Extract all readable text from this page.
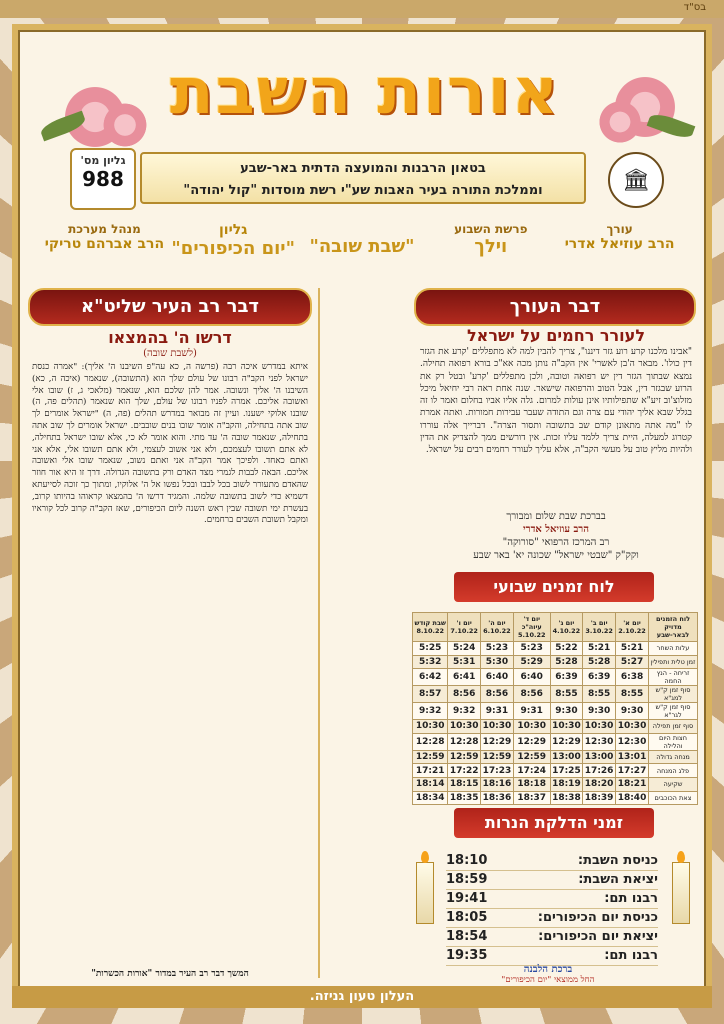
בס"ד
אורות השבת
גליון מס'
988	🏛
בטאון הרבנות והמועצה הדתית באר-שבע
וממלכת התורה בעיר האבות שע"י רשת מוסדות "קול יהודה"
עורך
הרב עוזיאל אדרי
פרשת השבוע
וילך

"שבת שובה"
גליון
"יום הכיפורים"
מנהל מערכת
הרב אברהם טריקי
דבר העורך
דבר רב העיר שליט"א
לעורר רחמים על ישראל
"אבינו מלכנו קרע רוע גזר דיננו", צריך להבין למה לא מתפללים 'קרע את הגזר דין כולו'. מבאר ה'בן לאשרי' אין הקב"ה נותן מכה אא"כ בורא רפואה תחילה. נמצא שבתוך הגזר דין יש רפואה וטובה, ולכן מתפללים 'קרע' ובטל רק את הרוע שבגזר דין, אבל הטוב והרפואה שישאר. שנה אחת ראה רבי יחיאל מיכל מזלוצ'וב זיע"א שתפילותיו אינן עולות למרום. גלה אליו אביו בחלום ואמר לו זה בגלל שבא אליך יהודי עם צרה וגם התודה שעבר עבירות חמורות. ואתה אמרת לו "מה אתה מתאונן קודם שב בתשובה ותסור הצרה". דברייך אלה עוררו קטרוג למעלה, היית צריך ללמד עליו זכות. אין דורשים ממך להצדיק את הדין ולהיות מליץ טוב על מעשי הקב"ה, אלא עליך לעורר רחמים רבים על ישראל.
בברכת שבת שלום ומבורך
הרב עוזיאל אדרי
רב המרכז הרפואי "סורוקה"
וקק"ק "שבטי ישראל" שכונה יא' באר שבע
דרשו ה' בהמצאו
(לשבת שובה)
איתא במדרש איכה רבה (פרשה ה, כא עה"פ השיבנו ה' אליך): "אמרה כנסת ישראל לפני הקב"ה רבונו של עולם שלך הוא (התשובה), שנאמר (איכה ה, כא) השיבנו ה' אליך ונשובה. אמר להן שלכם הוא, שנאמר (מלאכי ג, ז) שובו אלי ואשובה אליכם. אמרה לפניו רבונו של עולם, שלך הוא שנאמר (תהלים פה, ה) שובנו אלוקי ישענו. ועיין זה מבואר במדרש תהלים (פה, ה) "ישראל אומרים לך שוב אתה בתחילה, והקב"ה אומר שובו בנים שובבים. ישראל אומרים לך שוב אתה בתחילה, שנאמר שובה ה' עד מתי. והוא אומר לא כי, אלא שובו ישראל בתחילה, לא אתם תשובו לעצמכם, ולא אני אשוב לעצמי, ולא אתם תשובו אלי, אלא אני ואתם כאחד. ולפיכך אמר הקב"ה אני ואתם נשוב, שנאמר שובו אלי ואשובה אליכם. הבאה לבבות לגמרי מצד האדם ורק בתשובה הגדולה. דרך זו היא אור חוזר שהאדם מתעורר לשוב בכל לבבו ובכל נפשו אל ה' אלוקיו, ומתוך כך זוכה לסייעתא דשמיא כדי לשוב בתשובה שלמה. והמגיד דרשו ה' בהמצאו קראוהו בהיותו קרוב, בעשרת ימי תשובה שבין ראש השנה ליום הכיפורים, שאז הקב"ה קרוב לכל קוראיו ומקבל תשובת השבים ברחמים.
המשך דבר רב העיר במדור "אורות הכשרות"
לוח זמנים שבועי
לוח הזמנים מדויק לבאר-שבע	יום א' 2.10.22	יום ב' 3.10.22	יום ג' 4.10.22	יום ד' עיוה"כ 5.10.22	יום ה' 6.10.22	יום ו' 7.10.22	שבת קודש 8.10.22
עלות השחר	5:21	5:21	5:22	5:23	5:23	5:24	5:25
זמן טלית ותפילין	5:27	5:28	5:28	5:29	5:30	5:31	5:32
זריחה - הנץ החמה	6:38	6:39	6:39	6:40	6:40	6:41	6:42
סוף זמן ק"ש למג"א	8:55	8:55	8:55	8:56	8:56	8:56	8:57
סוף זמן ק"ש לגר"א	9:30	9:30	9:30	9:31	9:31	9:32	9:32
סוף זמן תפילה	10:30	10:30	10:30	10:30	10:30	10:30	10:30
חצות היום והלילה	12:30	12:30	12:29	12:29	12:29	12:28	12:28
מנחה גדולה	13:01	13:00	13:00	12:59	12:59	12:59	12:59
פלג המנחה	17:27	17:26	17:25	17:24	17:23	17:22	17:21
שקיעה	18:21	18:20	18:19	18:18	18:16	18:15	18:14
צאת הכוכבים	18:40	18:39	18:38	18:37	18:36	18:35	18:34
זמני הדלקת הנרות
כניסת השבת:
18:10
יציאת השבת:
18:59
רבנו תם:
19:41
כניסת יום הכיפורים:
18:05
יציאת יום הכיפורים:
18:54
רבנו תם:
19:35
ברכת הלבנה
החל ממוצאי "יום הכיפורים"
העלון טעון גניזה.
